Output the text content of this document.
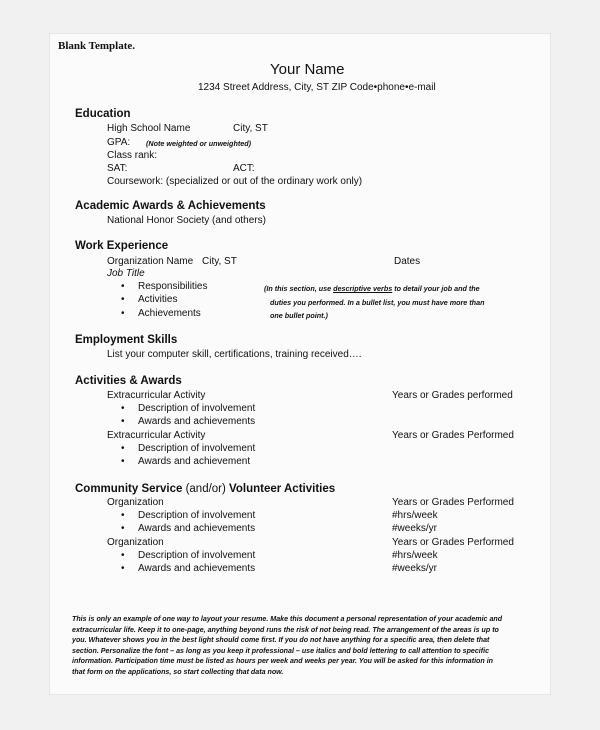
Blank Template.
Your Name
1234 Street Address, City, ST ZIP Code•phone•e-mail
Education
High School Name	City, ST
GPA: (Note weighted or unweighted)
Class rank:
SAT:	ACT:
Coursework: (specialized or out of the ordinary work only)
Academic Awards & Achievements
National Honor Society (and others)
Work Experience
Organization Name City, ST	Dates
Job Title
• Responsibilities
• Activities
• Achievements
(In this section, use descriptive verbs to detail your job and the
duties you performed. In a bullet list, you must have more than
one bullet point.)
Employment Skills
List your computer skill, certifications, training received….
Activities & Awards
Extracurricular Activity	Years or Grades performed
• Description of involvement
• Awards and achievements
Extracurricular Activity	Years or Grades Performed
• Description of involvement
• Awards and achievement
Community Service (and/or) Volunteer Activities
Organization	Years or Grades Performed
• Description of involvement	#hrs/week
• Awards and achievements	#weeks/yr
Organization	Years or Grades Performed
• Description of involvement	#hrs/week
• Awards and achievements	#weeks/yr
This is only an example of one way to layout your resume. Make this document a personal representation of your academic and
extracurricular life. Keep it to one-page, anything beyond runs the risk of not being read. The arrangement of the areas is up to
you. Whatever shows you in the best light should come first. If you do not have anything for a specific area, then delete that
section. Personalize the font – as long as you keep it professional – use italics and bold lettering to call attention to specific
information. Participation time must be listed as hours per week and weeks per year. You will be asked for this information in
that form on the applications, so start collecting that data now.
